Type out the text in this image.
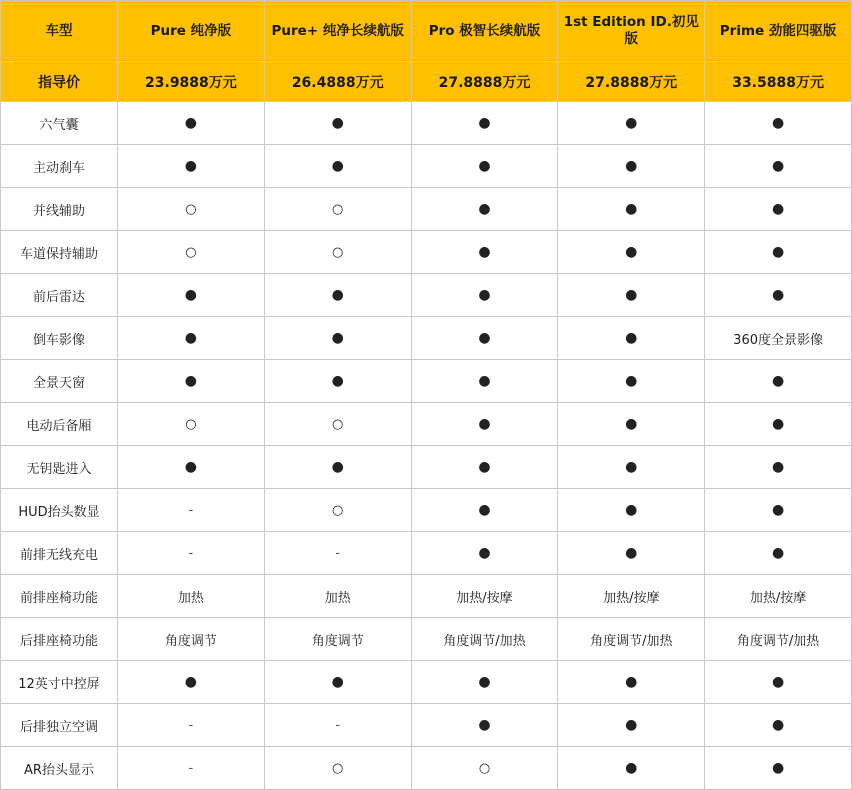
车型	Pure 纯净版	Pure+ 纯净长续航版	Pro 极智长续航版	1st Edition ID.初见版	Prime 劲能四驱版
指导价	23.9888万元	26.4888万元	27.8888万元	27.8888万元	33.5888万元
六气囊	●	●	●	●	●
主动刹车	●	●	●	●	●
并线辅助	○	○	●	●	●
车道保持辅助	○	○	●	●	●
前后雷达	●	●	●	●	●
倒车影像	●	●	●	●	360度全景影像
全景天窗	●	●	●	●	●
电动后备厢	○	○	●	●	●
无钥匙进入	●	●	●	●	●
HUD抬头数显	-	○	●	●	●
前排无线充电	-	-	●	●	●
前排座椅功能	加热	加热	加热/按摩	加热/按摩	加热/按摩
后排座椅功能	角度调节	角度调节	角度调节/加热	角度调节/加热	角度调节/加热
12英寸中控屏	●	●	●	●	●
后排独立空调	-	-	●	●	●
AR抬头显示	-	○	○	●	●
